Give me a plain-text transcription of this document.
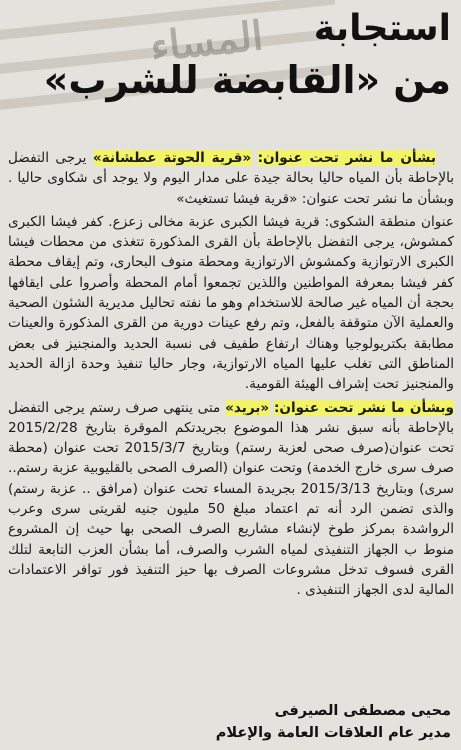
المساء استجابة
من «القابضة للشرب»

بشأن ما نشر تحت عنوان: «قرية الحوتة عطشانة» يرجى التفضل بالإحاطة بأن المياه حاليا بحالة جيدة على مدار اليوم ولا يوجد أى شكاوى حاليا . وبشأن ما نشر تحت عنوان: «قرية فيشا تستغيث»

عنوان منطقة الشكوى: قرية فيشا الكبرى عزبة مخالى زعزع. كفر فيشا الكبرى كمشوش، يرجى التفضل بالإحاطة بأن القرى المذكورة تتغذى من محطات فيشا الكبرى الارتوازية وكمشوش الارتوازية ومحطة منوف البحارى، وتم إيقاف محطة كفر فيشا بمعرفة المواطنين واللذين تجمعوا أمام المحطة وأصروا على ايقافها بحجة أن المياه غير صالحة للاستخدام وهو ما نفته تحاليل مديرية الشئون الصحية والعملية الآن متوقفة بالفعل، وتم رفع عينات دورية من القرى المذكورة والعينات مطابقة بكتريولوجيا وهناك ارتفاع طفيف فى نسبة الحديد والمنجنيز فى بعض المناطق التى تغلب عليها المياه الارتوازية، وجار حاليا تنفيذ وحدة ازالة الحديد والمنجنيز تحت إشراف الهيئة القومية.

وبشأن ما نشر تحت عنوان: «بريد» متى ينتهى صرف رستم يرجى التفضل بالإحاطة بأنه سبق نشر هذا الموضوع بجريدتكم الموقرة بتاريخ 2015/2/28 تحت عنوان(صرف صحى لعزبة رستم) وبتاريخ 2015/3/7 تحت عنوان (محطة صرف سرى خارج الخدمة) وتحت عنوان (الصرف الصحى بالقليوبية عزبة رستم.. سرى) وبتاريخ 2015/3/13 بجريدة المساء تحت عنوان (مرافق .. عزبة رستم) والذى تضمن الرد أنه تم اعتماد مبلغ 50 مليون جنيه لقريتى سرى وعرب الرواشدة بمركز طوخ لإنشاء مشاريع الصرف الصحى بها حيث إن المشروع منوط ب الجهاز التنفيذى لمياه الشرب والصرف، أما بشأن العزب التابعة لتلك القرى فسوف تدخل مشروعات الصرف بها حيز التنفيذ فور توافر الاعتمادات المالية لدى الجهاز التنفيذى .

محيى مصطفى الصيرفى
مدير عام العلاقات العامة والإعلام
